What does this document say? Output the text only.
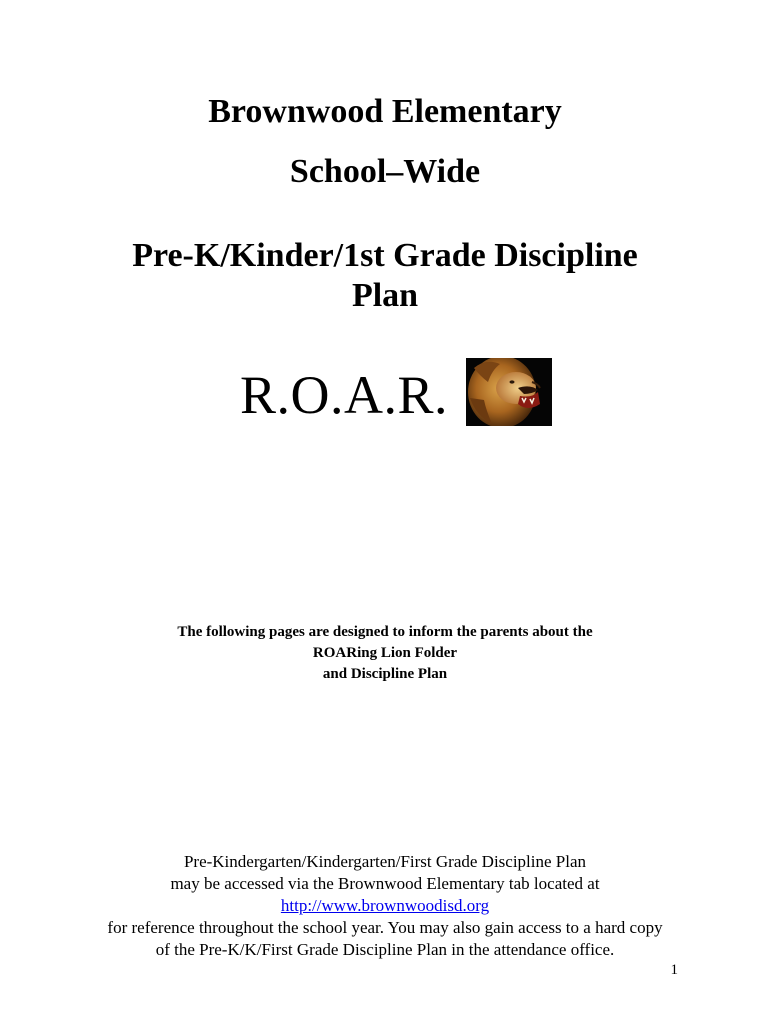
Brownwood Elementary
School–Wide
Pre-K/Kinder/1st Grade Discipline
Plan
R.O.A.R.
The following pages are designed to inform the parents about the
ROARing Lion Folder
and Discipline Plan
Pre-Kindergarten/Kindergarten/First Grade Discipline Plan
may be accessed via the Brownwood Elementary tab located at
http://www.brownwoodisd.org
for reference throughout the school year. You may also gain access to a hard copy
of the Pre-K/K/First Grade Discipline Plan in the attendance office.
1
